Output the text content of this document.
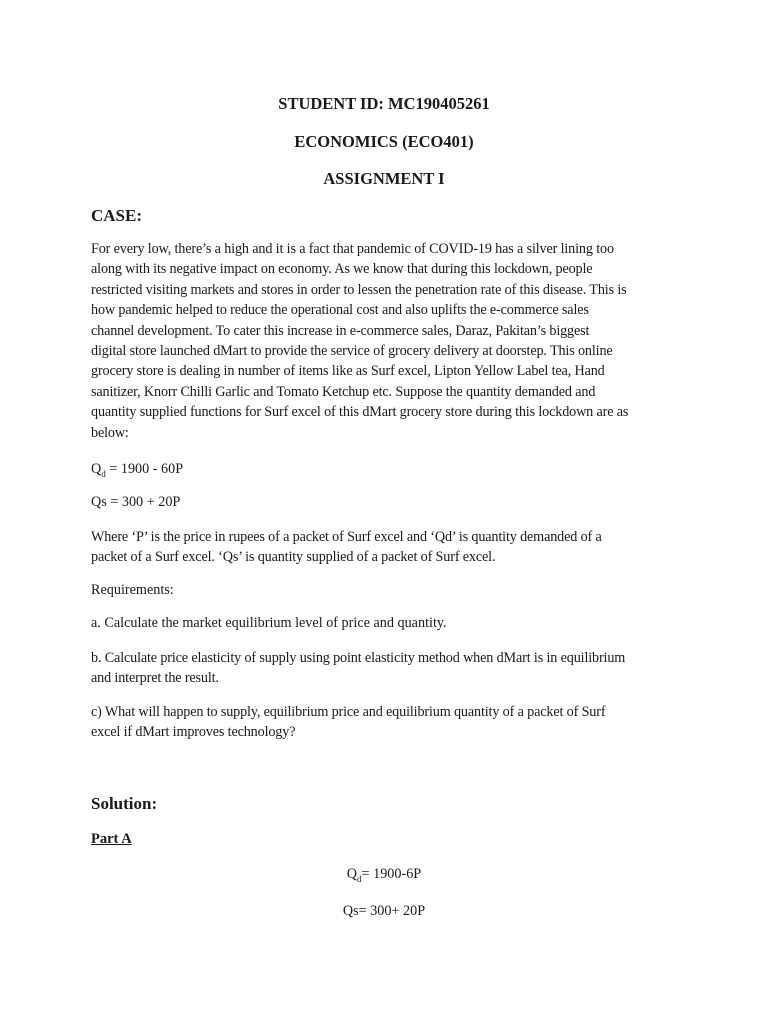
STUDENT ID: MC190405261
ECONOMICS (ECO401)
ASSIGNMENT I
CASE:
For every low, there’s a high and it is a fact that pandemic of COVID-19 has a silver lining too
along with its negative impact on economy. As we know that during this lockdown, people
restricted visiting markets and stores in order to lessen the penetration rate of this disease. This is
how pandemic helped to reduce the operational cost and also uplifts the e-commerce sales
channel development. To cater this increase in e-commerce sales, Daraz, Pakitan’s biggest
digital store launched dMart to provide the service of grocery delivery at doorstep. This online
grocery store is dealing in number of items like as Surf excel, Lipton Yellow Label tea, Hand
sanitizer, Knorr Chilli Garlic and Tomato Ketchup etc. Suppose the quantity demanded and
quantity supplied functions for Surf excel of this dMart grocery store during this lockdown are as
below:
$Q_d = 1900 - 60P$
Qs = 300 + 20P
Where ‘P’ is the price in rupees of a packet of Surf excel and ‘Qd’ is quantity demanded of a
packet of a Surf excel. ‘Qs’ is quantity supplied of a packet of Surf excel.
Requirements:
a. Calculate the market equilibrium level of price and quantity.
b. Calculate price elasticity of supply using point elasticity method when dMart is in equilibrium
and interpret the result.
c) What will happen to supply, equilibrium price and equilibrium quantity of a packet of Surf
excel if dMart improves technology?
Solution:
Part A
$Q_d= 1900-6P$
Qs= 300+ 20P
